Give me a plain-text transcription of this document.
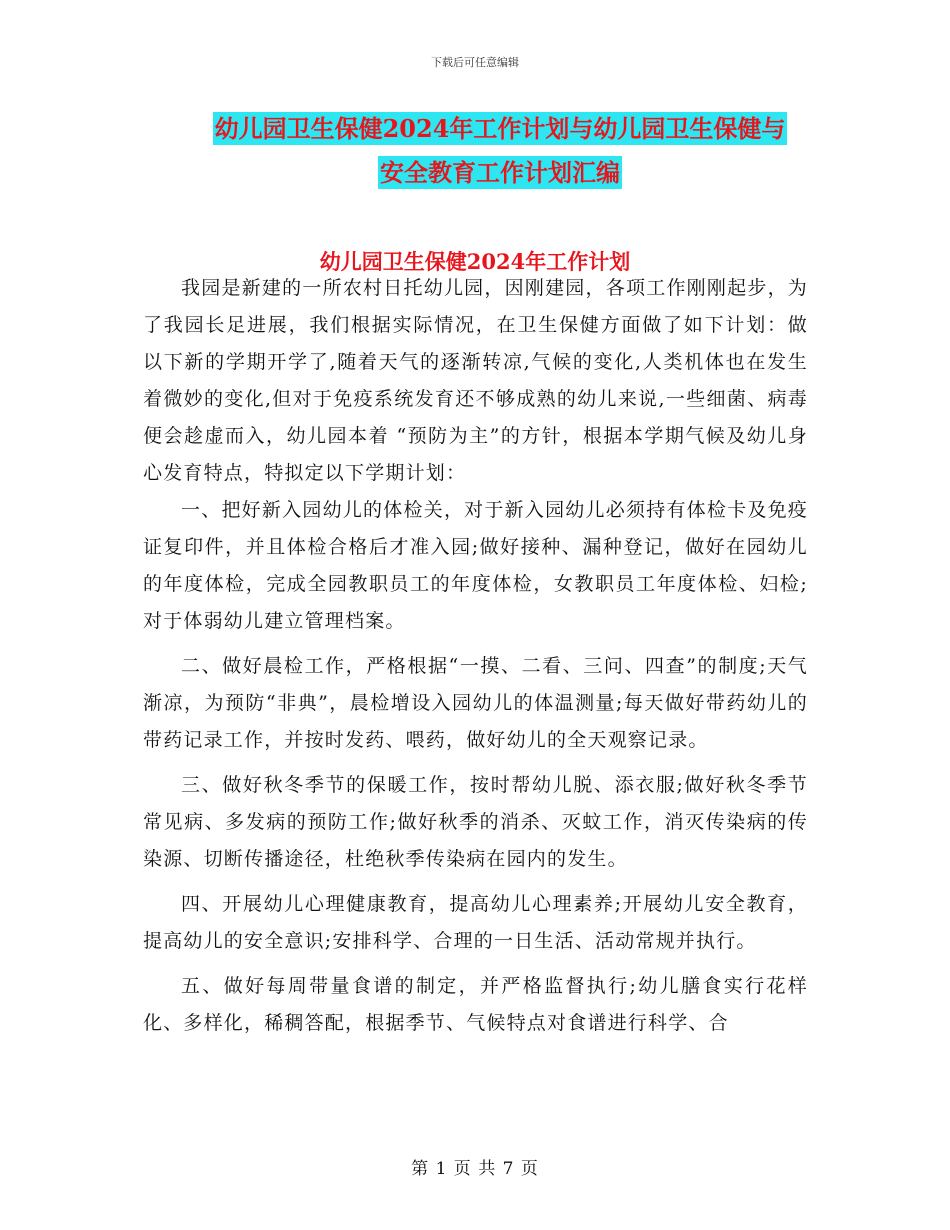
下载后可任意编辑
幼儿园卫生保健2024年工作计划与幼儿园卫生保健与
安全教育工作计划汇编
幼儿园卫生保健2024年工作计划

我园是新建的一所农村日托幼儿园，因刚建园，各项工作刚刚起步，为了我园长足进展，我们根据实际情况，在卫生保健方面做了如下计划：做以下新的学期开学了,随着天气的逐渐转凉,气候的变化,人类机体也在发生着微妙的变化,但对于免疫系统发育还不够成熟的幼儿来说,一些细菌、病毒便会趁虚而入，幼儿园本着 “预防为主”的方针，根据本学期气候及幼儿身心发育特点，特拟定以下学期计划：

一、把好新入园幼儿的体检关，对于新入园幼儿必须持有体检卡及免疫证复印件，并且体检合格后才准入园;做好接种、漏种登记，做好在园幼儿的年度体检，完成全园教职员工的年度体检，女教职员工年度体检、妇检;对于体弱幼儿建立管理档案。

二、做好晨检工作，严格根据“一摸、二看、三问、四查”的制度;天气渐凉，为预防“非典”，晨检增设入园幼儿的体温测量;每天做好带药幼儿的带药记录工作，并按时发药、喂药，做好幼儿的全天观察记录。

三、做好秋冬季节的保暖工作，按时帮幼儿脱、添衣服;做好秋冬季节常见病、多发病的预防工作;做好秋季的消杀、灭蚊工作，消灭传染病的传染源、切断传播途径，杜绝秋季传染病在园内的发生。

四、开展幼儿心理健康教育，提高幼儿心理素养;开展幼儿安全教育，提高幼儿的安全意识;安排科学、合理的一日生活、活动常规并执行。

五、做好每周带量食谱的制定，并严格监督执行;幼儿膳食实行花样化、多样化，稀稠答配，根据季节、气候特点对食谱进行科学、合

第 1 页 共 7 页
